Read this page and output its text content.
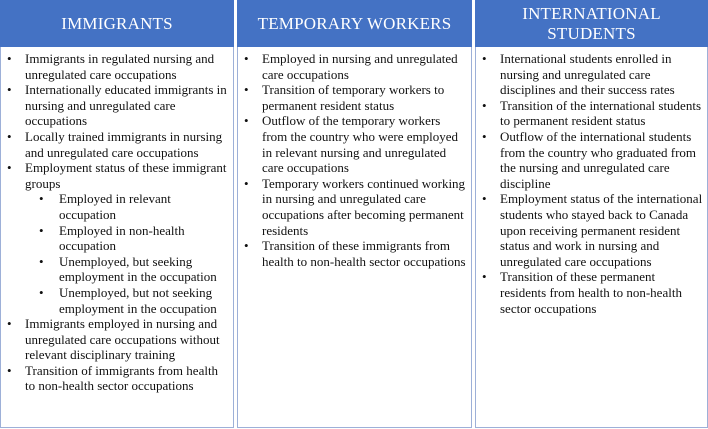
IMMIGRANTS
• Immigrants in regulated nursing and unregulated care occupations
• Internationally educated immigrants in nursing and unregulated care occupations
• Locally trained immigrants in nursing and unregulated care occupations
• Employment status of these immigrant groups
• Employed in relevant occupation
• Employed in non-health occupation
• Unemployed, but seeking employment in the occupation
• Unemployed, but not seeking employment in the occupation
• Immigrants employed in nursing and unregulated care occupations without relevant disciplinary training
• Transition of immigrants from health to non-health sector occupations
TEMPORARY WORKERS
• Employed in nursing and unregulated care occupations
• Transition of temporary workers to permanent resident status
• Outflow of the temporary workers from the country who were employed in relevant nursing and unregulated care occupations
• Temporary workers continued working in nursing and unregulated care occupations after becoming permanent residents
• Transition of these immigrants from health to non-health sector occupations
INTERNATIONAL
STUDENTS
• International students enrolled in nursing and unregulated care disciplines and their success rates
• Transition of the international students to permanent resident status
• Outflow of the international students from the country who graduated from the nursing and unregulated care discipline
• Employment status of the international students who stayed back to Canada upon receiving permanent resident status and work in nursing and unregulated care occupations
• Transition of these permanent residents from health to non-health sector occupations
